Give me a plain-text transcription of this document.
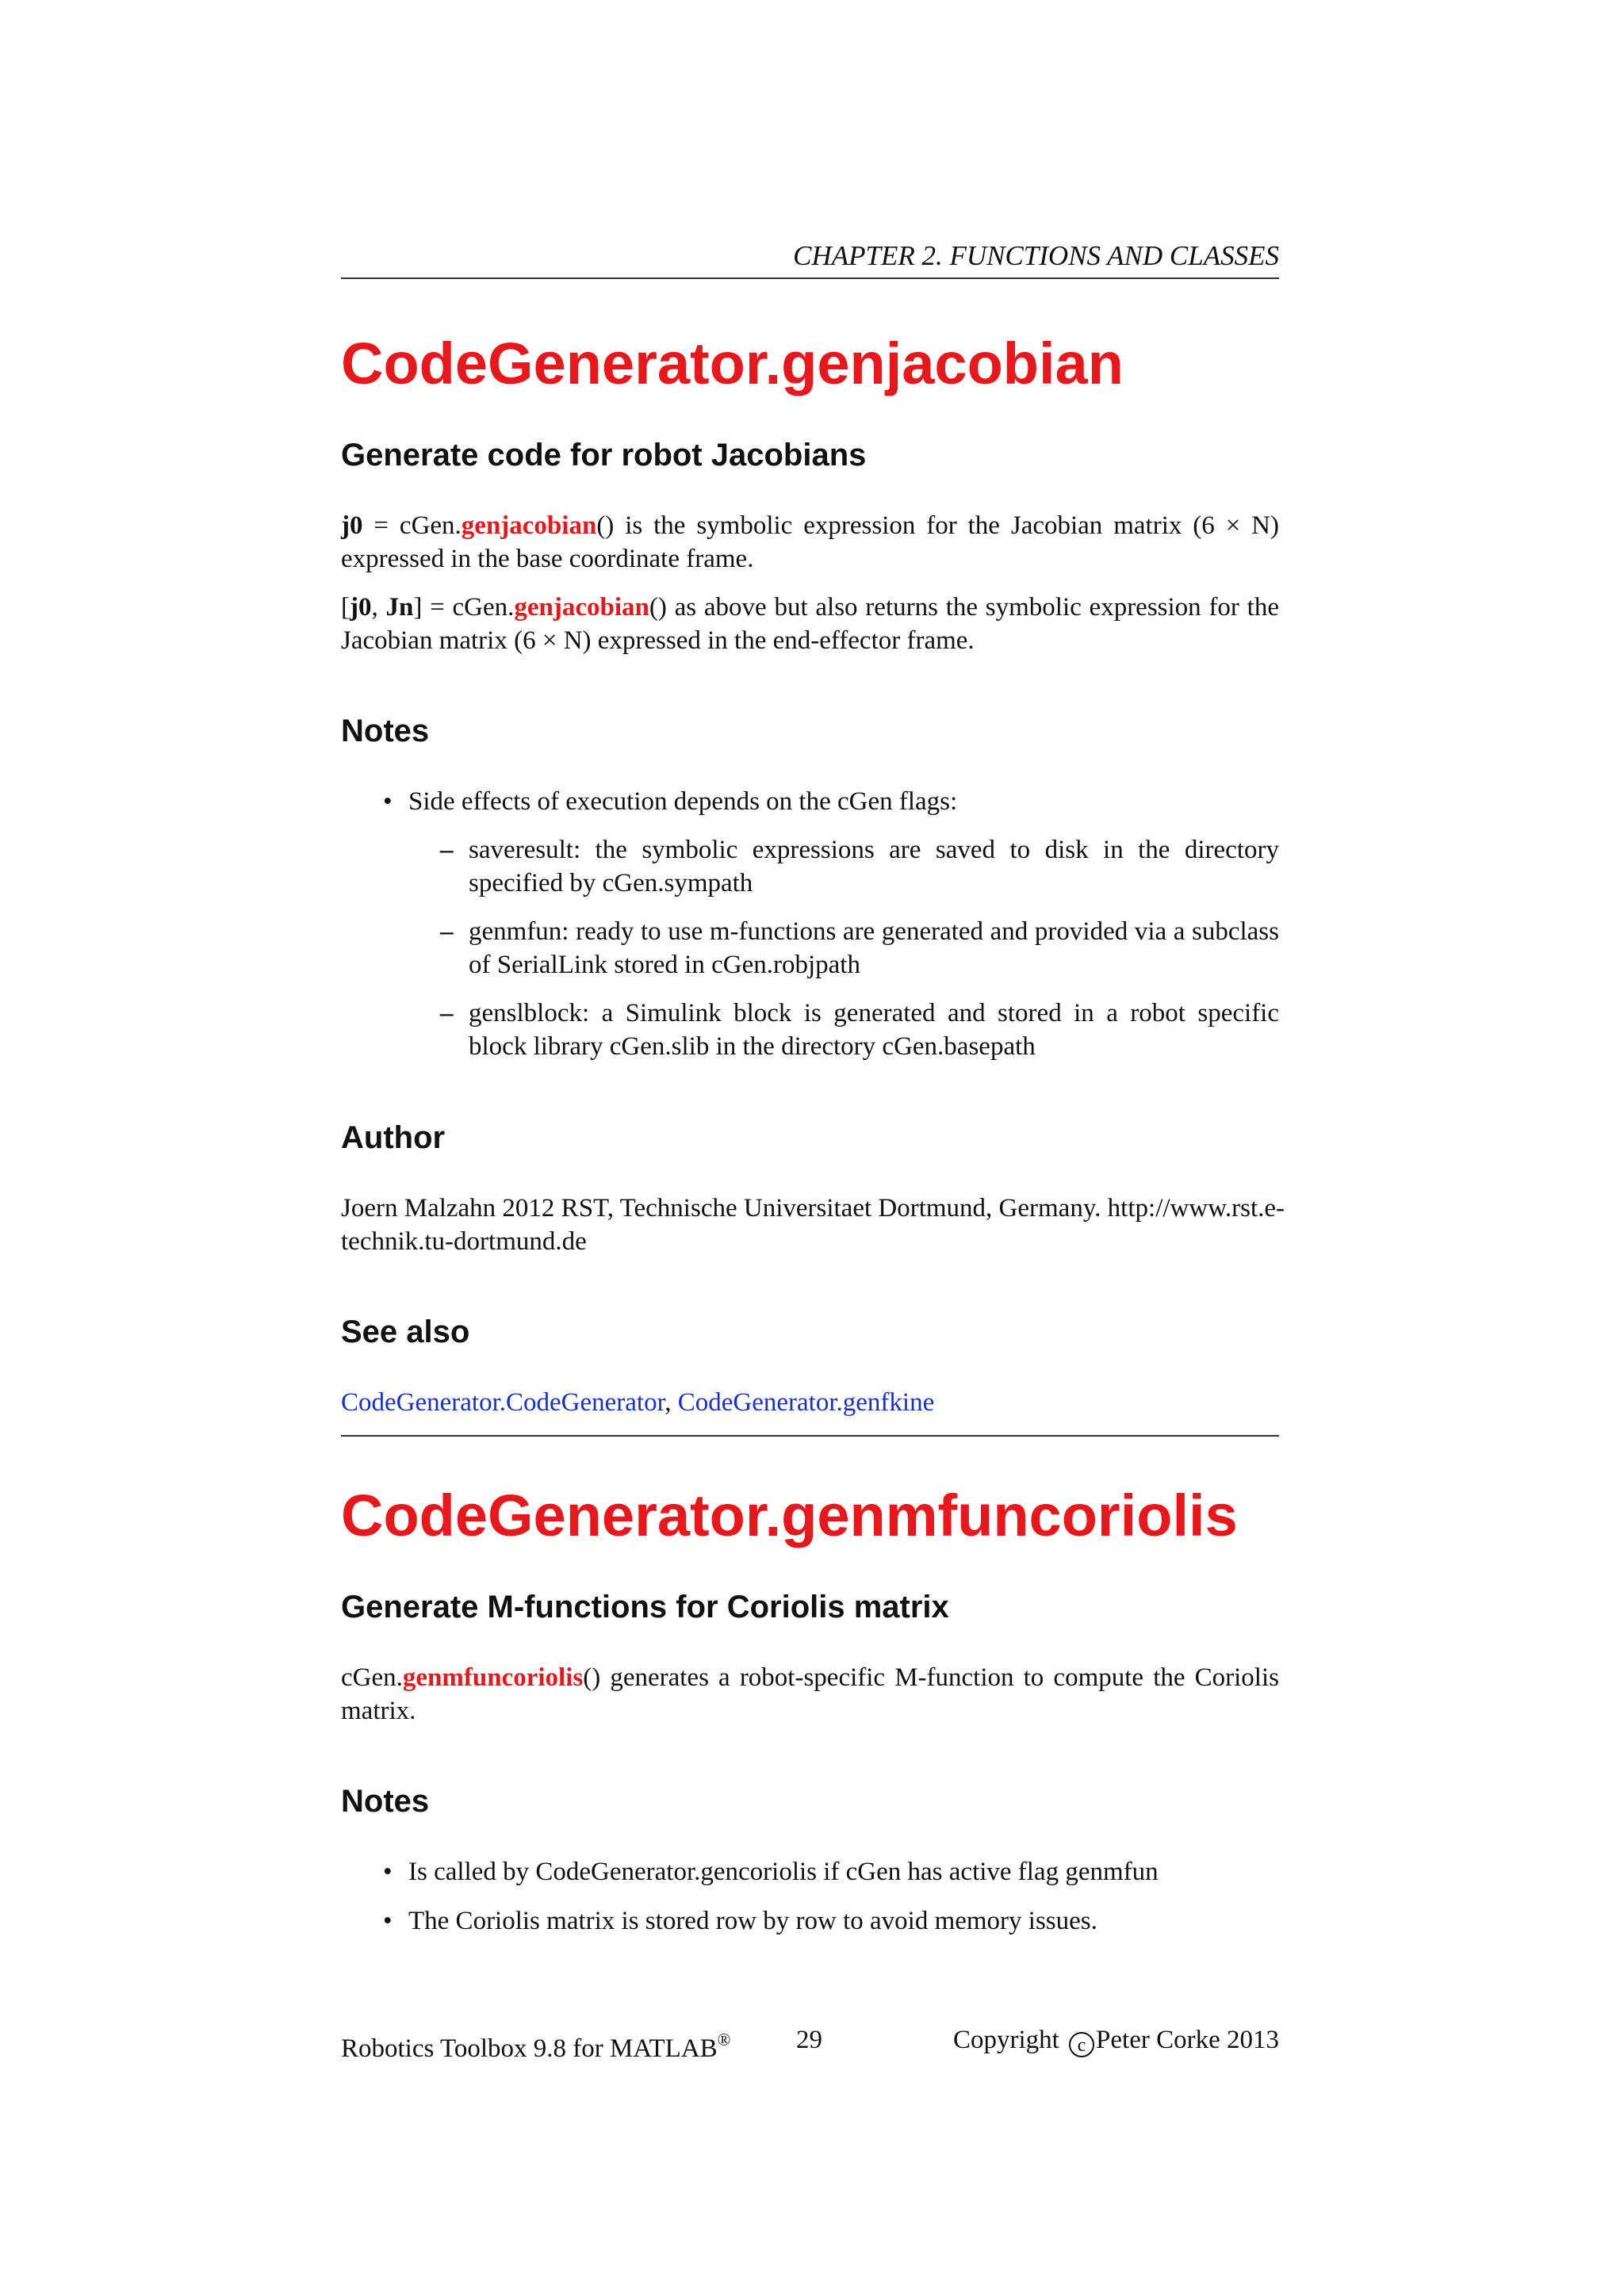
CHAPTER 2. FUNCTIONS AND CLASSES
CodeGenerator.genjacobian
Generate code for robot Jacobians

j0 = cGen.genjacobian() is the symbolic expression for the Jacobian matrix (6 × N) expressed in the base coordinate frame.

[j0, Jn] = cGen.genjacobian() as above but also returns the symbolic expression for the Jacobian matrix (6 × N) expressed in the end-effector frame.

Notes
• Side effects of execution depends on the cGen flags:
– saveresult: the symbolic expressions are saved to disk in the directory specified by cGen.sympath
– genmfun: ready to use m-functions are generated and provided via a subclass of SerialLink stored in cGen.robjpath
– genslblock: a Simulink block is generated and stored in a robot specific block library cGen.slib in the directory cGen.basepath
Author

Joern Malzahn 2012 RST, Technische Universitaet Dortmund, Germany. http://www.rst.e-technik.tu-dortmund.de

See also

CodeGenerator.CodeGenerator, CodeGenerator.genfkine

CodeGenerator.genmfuncoriolis
Generate M-functions for Coriolis matrix

cGen.genmfuncoriolis() generates a robot-specific M-function to compute the Coriolis matrix.

Notes
• Is called by CodeGenerator.gencoriolis if cGen has active flag genmfun
• The Coriolis matrix is stored row by row to avoid memory issues.
Robotics Toolbox 9.8 for MATLAB®	29	Copyright c Peter Corke 2013
